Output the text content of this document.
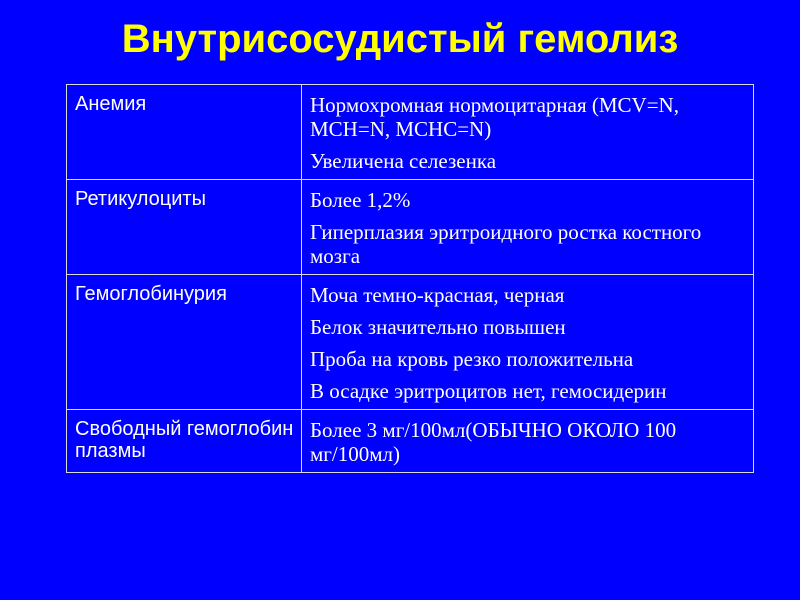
Внутрисосудистый гемолиз
Анемия	Нормохромная нормоцитарная (MCV=N, MCH=N, MCHC=N)
Увеличена селезенка

Ретикулоциты	Более 1,2%
Гиперплазия эритроидного ростка костного мозга

Гемоглобинурия	Моча темно-красная, черная
Белок значительно повышен
Проба на кровь резко положительна
В осадке эритроцитов нет, гемосидерин

Свободный гемоглобин плазмы	Более 3 мг/100мл(ОБЫЧНО ОКОЛО 100 мг/100мл)
